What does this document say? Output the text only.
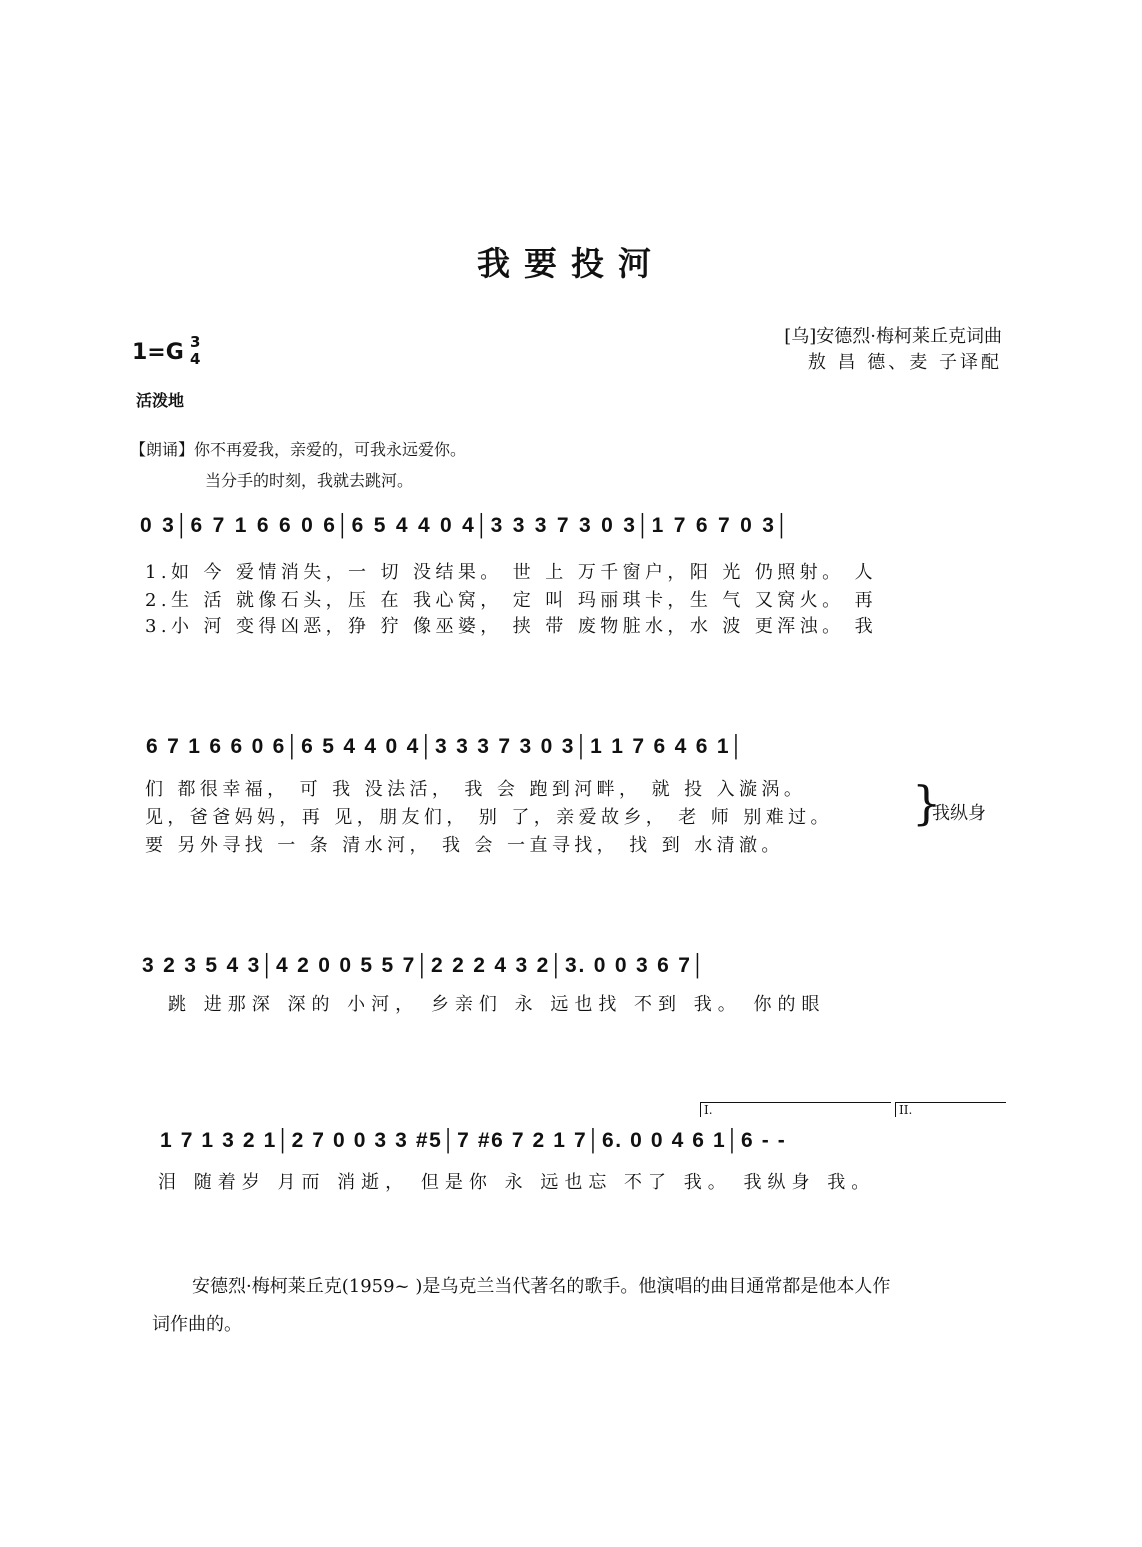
我要投河
1=G 3
4
活泼地
[乌]安德烈·梅柯莱丘克词曲
敖 昌 德、麦 子译配
【朗诵】你不再爱我，亲爱的，可我永远爱你。
当分手的时刻，我就去跳河。
0 3│6 7 1 6 6 0 6│6 5 4 4 0 4│3 3 3 7 3 0 3│1 7 6 7 0 3│
1.如 今 爱情消失，一 切 没结果。 世 上 万千窗户，阳 光 仍照射。 人
2.生 活 就像石头，压 在 我心窝， 定 叫 玛丽琪卡，生 气 又窝火。 再
3.小 河 变得凶恶，狰 狞 像巫婆， 挟 带 废物脏水，水 波 更浑浊。 我
6 7 1 6 6 0 6│6 5 4 4 0 4│3 3 3 7 3 0 3│1 1 7 6 4 6 1│
们 都很幸福， 可 我 没法活， 我 会 跑到河畔， 就 投 入漩涡。
见，爸爸妈妈，再 见，朋友们， 别 了，亲爱故乡， 老 师 别难过。
要 另外寻找 一 条 清水河， 我 会 一直寻找， 找 到 水清澈。
}
我纵身
3 2 3 5 4 3│4 2 0 0 5 5 7│2 2 2 4 3 2│3. 0 0 3 6 7│
跳 进那深 深的 小河， 乡亲们 永 远也找 不到 我。 你的眼
I.	II.
1 7 1 3 2 1│2 7 0 0 3 3 #5│7 #6 7 2 1 7│6. 0 0 4 6 1│6 - -
泪 随着岁 月而 消逝， 但是你 永 远也忘 不了 我。 我纵身 我。
安德烈·梅柯莱丘克(1959~ )是乌克兰当代著名的歌手。他演唱的曲目通常都是他本人作
词作曲的。
